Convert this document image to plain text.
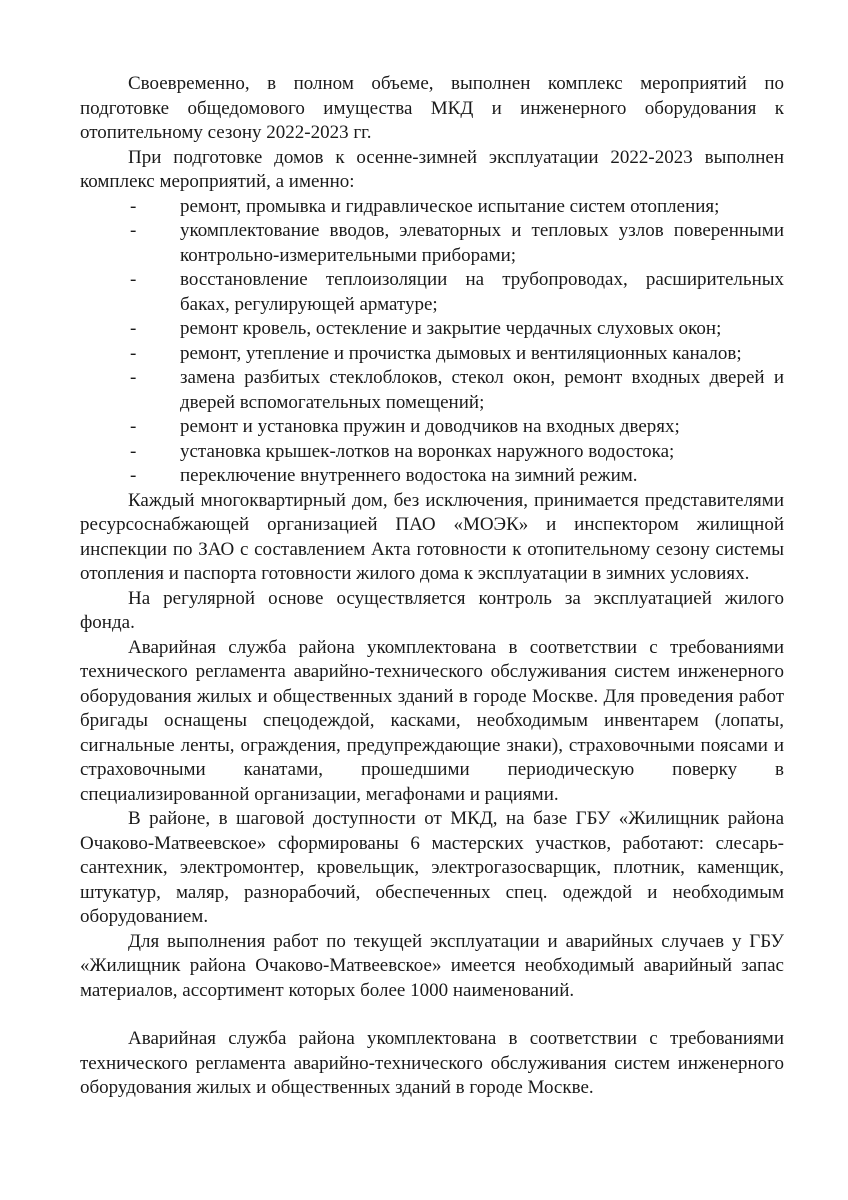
Своевременно, в полном объеме, выполнен комплекс мероприятий по подготовке общедомового имущества МКД и инженерного оборудования к отопительному сезону 2022-2023 гг.

При подготовке домов к осенне-зимней эксплуатации 2022-2023 выполнен комплекс мероприятий, а именно:

- ремонт, промывка и гидравлическое испытание систем отопления;
- укомплектование вводов, элеваторных и тепловых узлов поверенными контрольно-измерительными приборами;
- восстановление теплоизоляции на трубопроводах, расширительных баках, регулирующей арматуре;
- ремонт кровель, остекление и закрытие чердачных слуховых окон;
- ремонт, утепление и прочистка дымовых и вентиляционных каналов;
- замена разбитых стеклоблоков, стекол окон, ремонт входных дверей и дверей вспомогательных помещений;
- ремонт и установка пружин и доводчиков на входных дверях;
- установка крышек-лотков на воронках наружного водостока;
- переключение внутреннего водостока на зимний режим.

Каждый многоквартирный дом, без исключения, принимается представителями ресурсоснабжающей организацией ПАО «МОЭК» и инспектором жилищной инспекции по ЗАО с составлением Акта готовности к отопительному сезону системы отопления и паспорта готовности жилого дома к эксплуатации в зимних условиях.

На регулярной основе осуществляется контроль за эксплуатацией жилого фонда.

Аварийная служба района укомплектована в соответствии с требованиями технического регламента аварийно-технического обслуживания систем инженерного оборудования жилых и общественных зданий в городе Москве. Для проведения работ бригады оснащены спецодеждой, касками, необходимым инвентарем (лопаты, сигнальные ленты, ограждения, предупреждающие знаки), страховочными поясами и страховочными канатами, прошедшими периодическую поверку в специализированной организации, мегафонами и рациями.

В районе, в шаговой доступности от МКД, на базе ГБУ «Жилищник района Очаково-Матвеевское» сформированы 6 мастерских участков, работают: слесарь-сантехник, электромонтер, кровельщик, электрогазосварщик, плотник, каменщик, штукатур, маляр, разнорабочий, обеспеченных спец. одеждой и необходимым оборудованием.

Для выполнения работ по текущей эксплуатации и аварийных случаев у ГБУ «Жилищник района Очаково-Матвеевское» имеется необходимый аварийный запас материалов, ассортимент которых более 1000 наименований.

Аварийная служба района укомплектована в соответствии с требованиями технического регламента аварийно-технического обслуживания систем инженерного оборудования жилых и общественных зданий в городе Москве.
